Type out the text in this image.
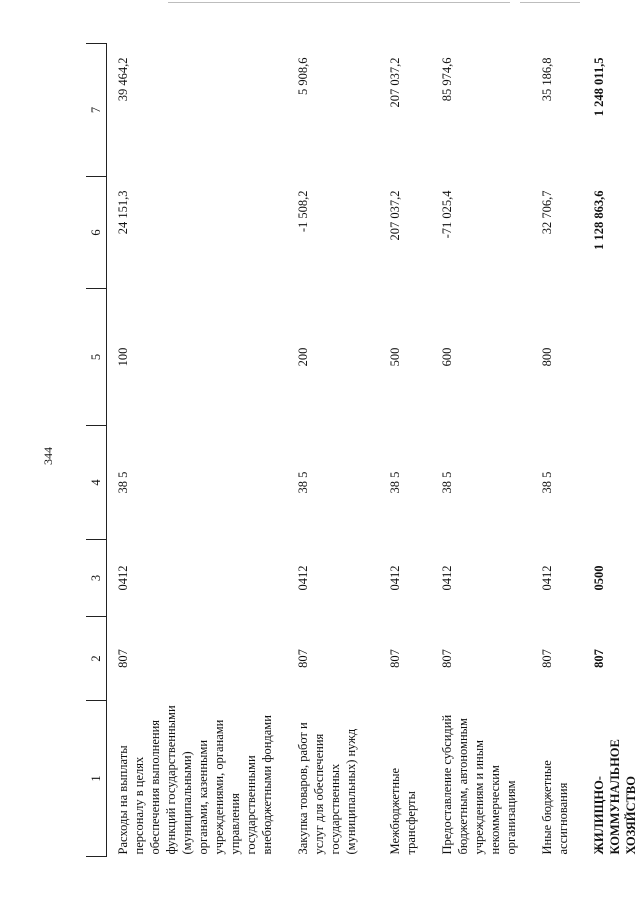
344
1	2	3	4	5	6	7
Расходы на выплаты персоналу в целях обеспечения выполнения функций государственными (муниципальными) органами, казенными учреждениями, органами управления государственными внебюджетными фондами	807	0412	38 5	100	24 151,3	39 464,2
Закупка товаров, работ и услуг для обеспечения государственных (муниципальных) нужд	807	0412	38 5	200	-1 508,2	5 908,6
Межбюджетные трансферты	807	0412	38 5	500	207 037,2	207 037,2
Предоставление субсидий бюджетным, автономным учреждениям и иным некоммерческим организациям	807	0412	38 5	600	-71 025,4	85 974,6
Иные бюджетные ассигнования	807	0412	38 5	800	32 706,7	35 186,8
ЖИЛИЩНО-КОММУНАЛЬНОЕ ХОЗЯЙСТВО	807	0500			1 128 863,6	1 248 011,5
